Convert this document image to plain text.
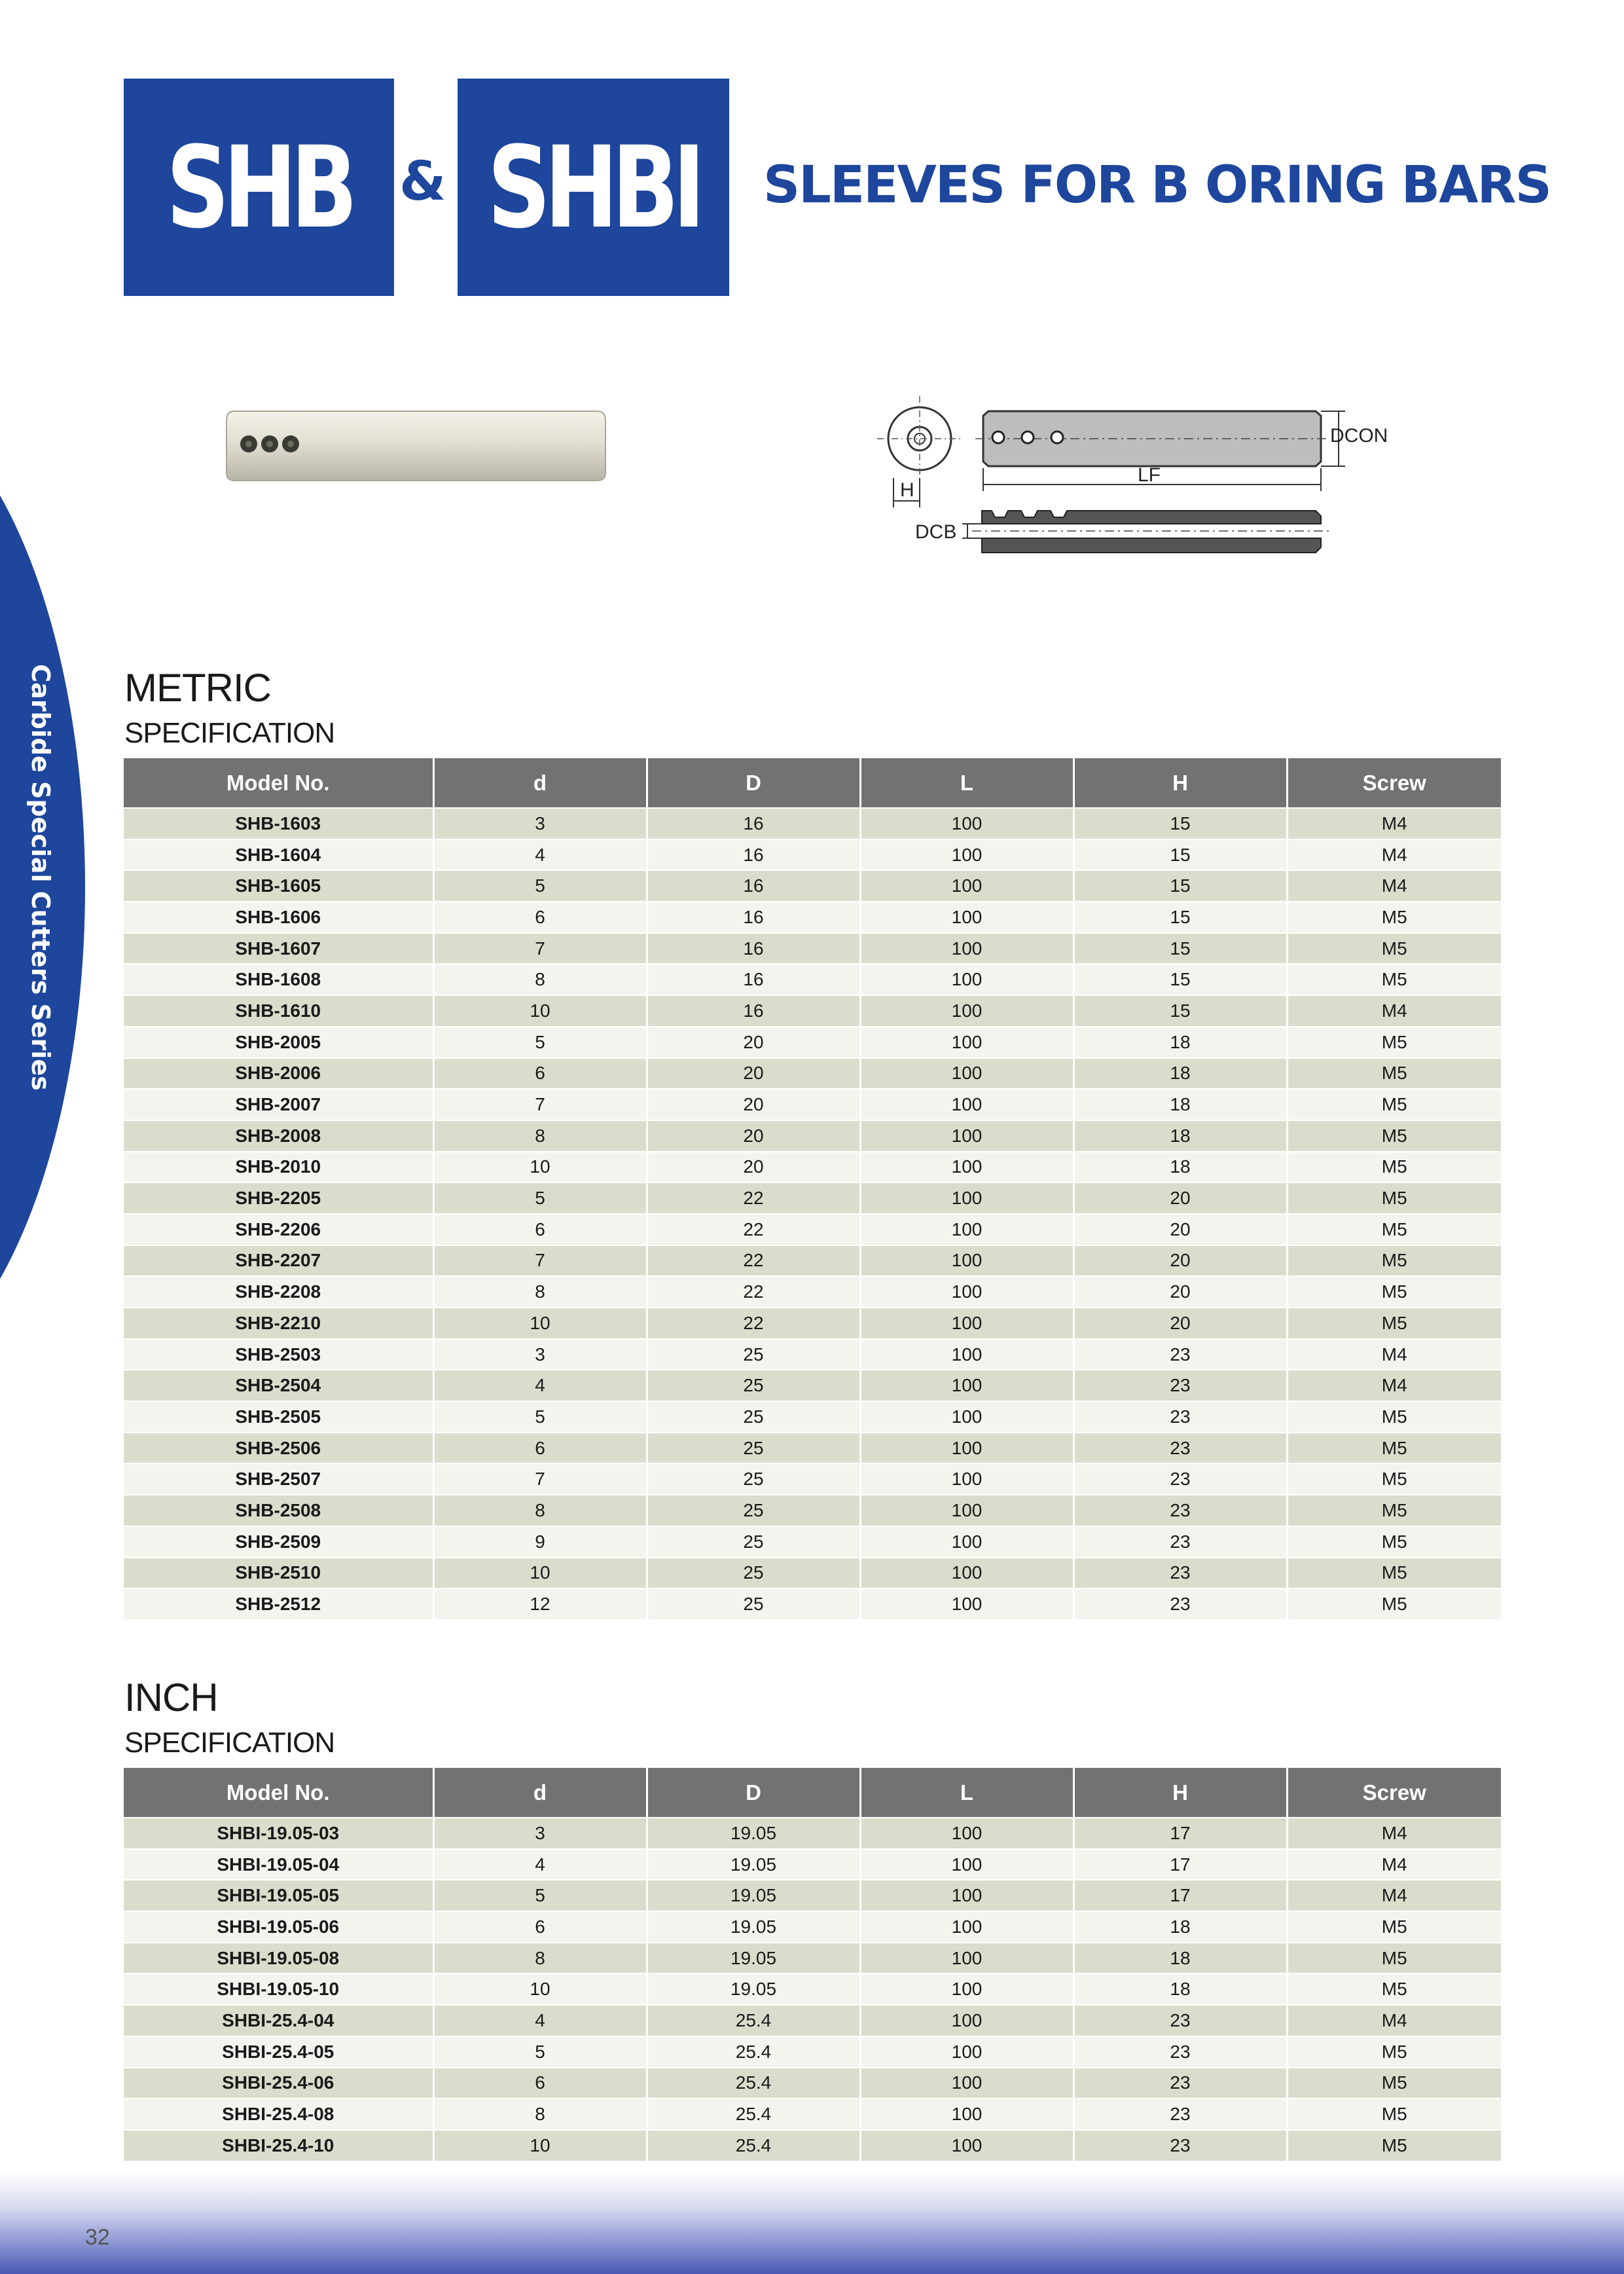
Carbide Special Cutters Series
SHB & SHBI SLEEVES FOR B ORING BARS
H
DCON
LF
DCB
METRIC
SPECIFICATION
Model No.	d	D	L	H	Screw
SHB-1603	3	16	100	15	M4
SHB-1604	4	16	100	15	M4
SHB-1605	5	16	100	15	M4
SHB-1606	6	16	100	15	M5
SHB-1607	7	16	100	15	M5
SHB-1608	8	16	100	15	M5
SHB-1610	10	16	100	15	M4
SHB-2005	5	20	100	18	M5
SHB-2006	6	20	100	18	M5
SHB-2007	7	20	100	18	M5
SHB-2008	8	20	100	18	M5
SHB-2010	10	20	100	18	M5
SHB-2205	5	22	100	20	M5
SHB-2206	6	22	100	20	M5
SHB-2207	7	22	100	20	M5
SHB-2208	8	22	100	20	M5
SHB-2210	10	22	100	20	M5
SHB-2503	3	25	100	23	M4
SHB-2504	4	25	100	23	M4
SHB-2505	5	25	100	23	M5
SHB-2506	6	25	100	23	M5
SHB-2507	7	25	100	23	M5
SHB-2508	8	25	100	23	M5
SHB-2509	9	25	100	23	M5
SHB-2510	10	25	100	23	M5
SHB-2512	12	25	100	23	M5
INCH
SPECIFICATION
Model No.	d	D	L	H	Screw
SHBI-19.05-03	3	19.05	100	17	M4
SHBI-19.05-04	4	19.05	100	17	M4
SHBI-19.05-05	5	19.05	100	17	M4
SHBI-19.05-06	6	19.05	100	18	M5
SHBI-19.05-08	8	19.05	100	18	M5
SHBI-19.05-10	10	19.05	100	18	M5
SHBI-25.4-04	4	25.4	100	23	M4
SHBI-25.4-05	5	25.4	100	23	M5
SHBI-25.4-06	6	25.4	100	23	M5
SHBI-25.4-08	8	25.4	100	23	M5
SHBI-25.4-10	10	25.4	100	23	M5
32
